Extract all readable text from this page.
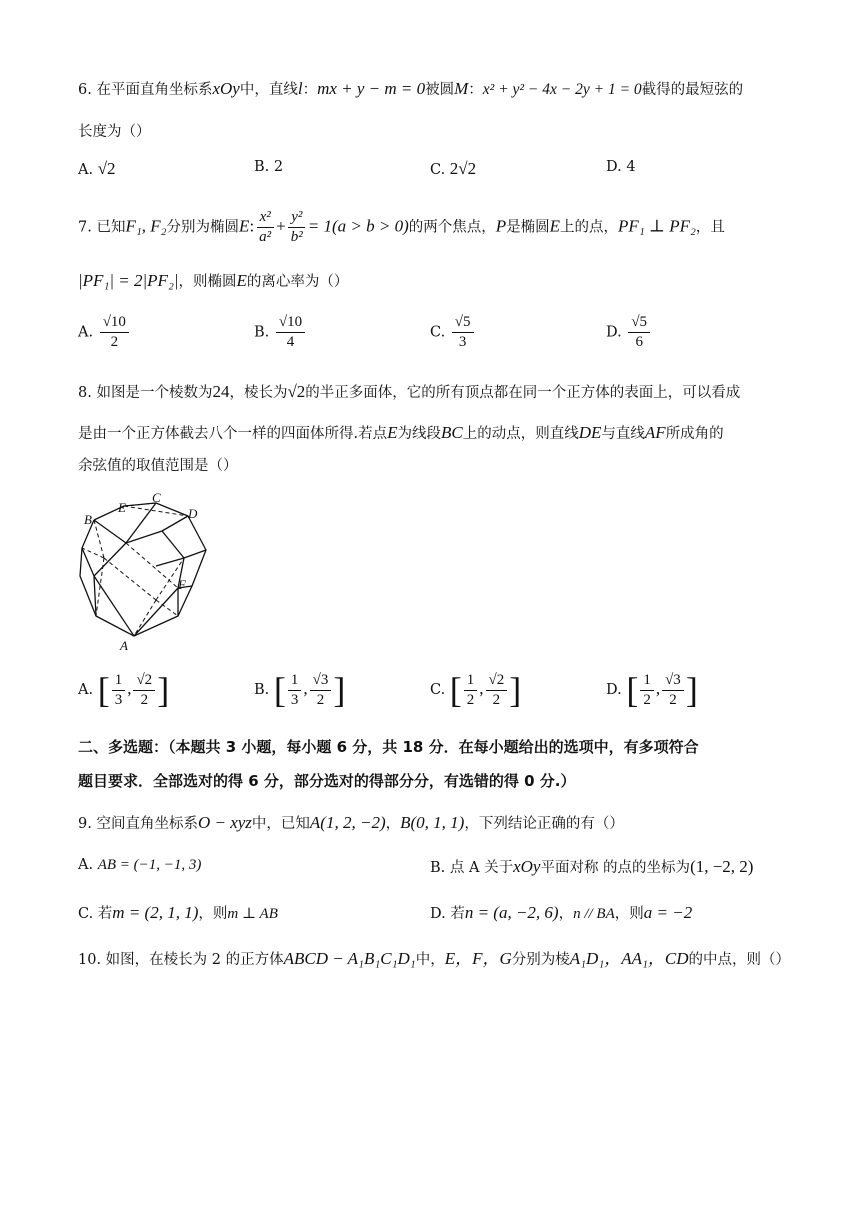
6. 在平面直角坐标系xOy中，直线l：mx + y − m = 0被圆M：x² + y² − 4x − 2y + 1 = 0截得的最短弦的
长度为（）
A. √2	B. 2	C. 2√2	D. 4
7. 已知F₁, F₂分别为椭圆E: $\frac{\text{x²}}{\text{a²}} + \frac{\text{y²}}{\text{b²}} = 1(a > b > 0)$的两个焦点，P是椭圆E上的点，PF₁ ⊥ PF₂，且
|PF₁| = 2|PF₂|，则椭圆E的离心率为（）
A. $\frac{√10}{2}$	B. $\frac{√10}{4}$	C. $\frac{√5}{3}$	D. $\frac{√5}{6}$
8. 如图是一个棱数为24，棱长为√2的半正多面体，它的所有顶点都在同一个正方体的表面上，可以看成
是由一个正方体截去八个一样的四面体所得.若点E为线段BC上的动点，则直线DE与直线AF所成角的
余弦值的取值范围是（）
B
E
C
D
F
A
A. [ $\frac{1}{3}$ , $\frac{√2}{2}$ ]	B. [ $\frac{1}{3}$ , $\frac{√3}{2}$ ]	C. [ $\frac{1}{2}$ , $\frac{√2}{2}$ ]	D. [ $\frac{1}{2}$ , $\frac{√3}{2}$ ]
二、多选题：（本题共 3 小题，每小题 6 分，共 18 分．在每小题给出的选项中，有多项符合
题目要求．全部选对的得 6 分，部分选对的得部分分，有选错的得 0 分.）
9. 空间直角坐标系O − xyz中，已知A(1, 2, −2)，B(0, 1, 1)，下列结论正确的有（）
A. AB = (−1, −1, 3)	B. 点 A 关于xOy平面对称 的点的坐标为(1, −2, 2)
C. 若m = (2, 1, 1)，则m ⊥ AB	D. 若n = (a, −2, 6)，n // BA，则a = −2
10. 如图，在棱长为 2 的正方体ABCD − A₁B₁C₁D₁中，E，F，G分别为棱A₁D₁，AA₁，CD的中点，则（）
